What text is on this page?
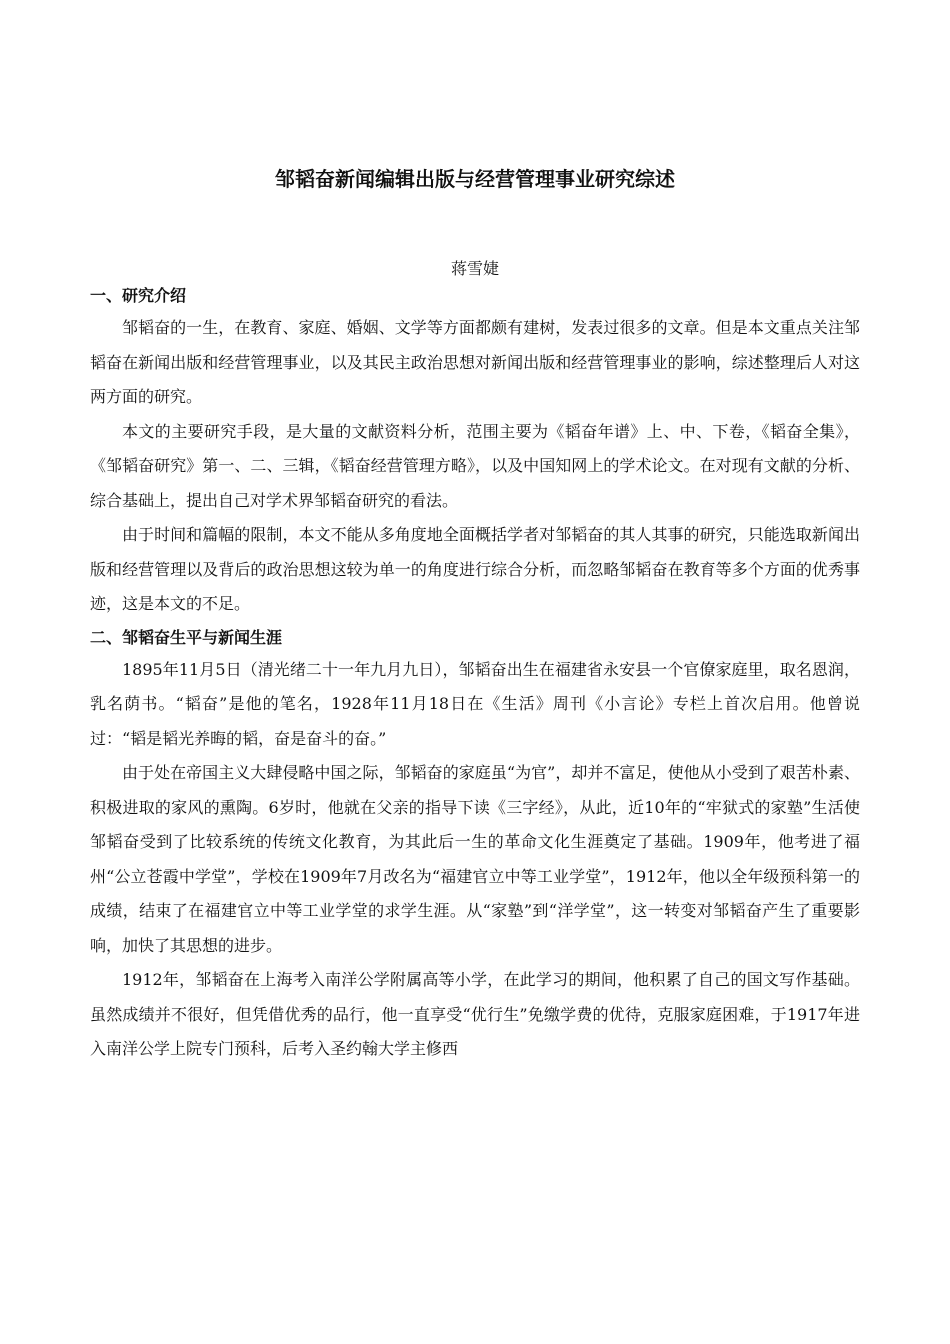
邹韬奋新闻编辑出版与经营管理事业研究综述
蒋雪婕
一、研究介绍

邹韬奋的一生，在教育、家庭、婚姻、文学等方面都颇有建树，发表过很多的文章。但是本文重点关注邹韬奋在新闻出版和经营管理事业，以及其民主政治思想对新闻出版和经营管理事业的影响，综述整理后人对这两方面的研究。

本文的主要研究手段，是大量的文献资料分析，范围主要为《韬奋年谱》上、中、下卷，《韬奋全集》，《邹韬奋研究》第一、二、三辑，《韬奋经营管理方略》，以及中国知网上的学术论文。在对现有文献的分析、综合基础上，提出自己对学术界邹韬奋研究的看法。

由于时间和篇幅的限制，本文不能从多角度地全面概括学者对邹韬奋的其人其事的研究，只能选取新闻出版和经营管理以及背后的政治思想这较为单一的角度进行综合分析，而忽略邹韬奋在教育等多个方面的优秀事迹，这是本文的不足。

二、邹韬奋生平与新闻生涯

1895年11月5日（清光绪二十一年九月九日），邹韬奋出生在福建省永安县一个官僚家庭里，取名恩润，乳名荫书。“韬奋”是他的笔名，1928年11月18日在《生活》周刊《小言论》专栏上首次启用。他曾说过：“韬是韬光养晦的韬，奋是奋斗的奋。”

由于处在帝国主义大肆侵略中国之际，邹韬奋的家庭虽“为官”，却并不富足，使他从小受到了艰苦朴素、积极进取的家风的熏陶。6岁时，他就在父亲的指导下读《三字经》，从此，近10年的“牢狱式的家塾”生活使邹韬奋受到了比较系统的传统文化教育，为其此后一生的革命文化生涯奠定了基础。1909年，他考进了福州“公立苍霞中学堂”，学校在1909年7月改名为“福建官立中等工业学堂”，1912年，他以全年级预科第一的成绩，结束了在福建官立中等工业学堂的求学生涯。从“家塾”到“洋学堂”，这一转变对邹韬奋产生了重要影响，加快了其思想的进步。

1912年，邹韬奋在上海考入南洋公学附属高等小学，在此学习的期间，他积累了自己的国文写作基础。虽然成绩并不很好，但凭借优秀的品行，他一直享受“优行生”免缴学费的优待，克服家庭困难，于1917年进入南洋公学上院专门预科，后考入圣约翰大学主修西
